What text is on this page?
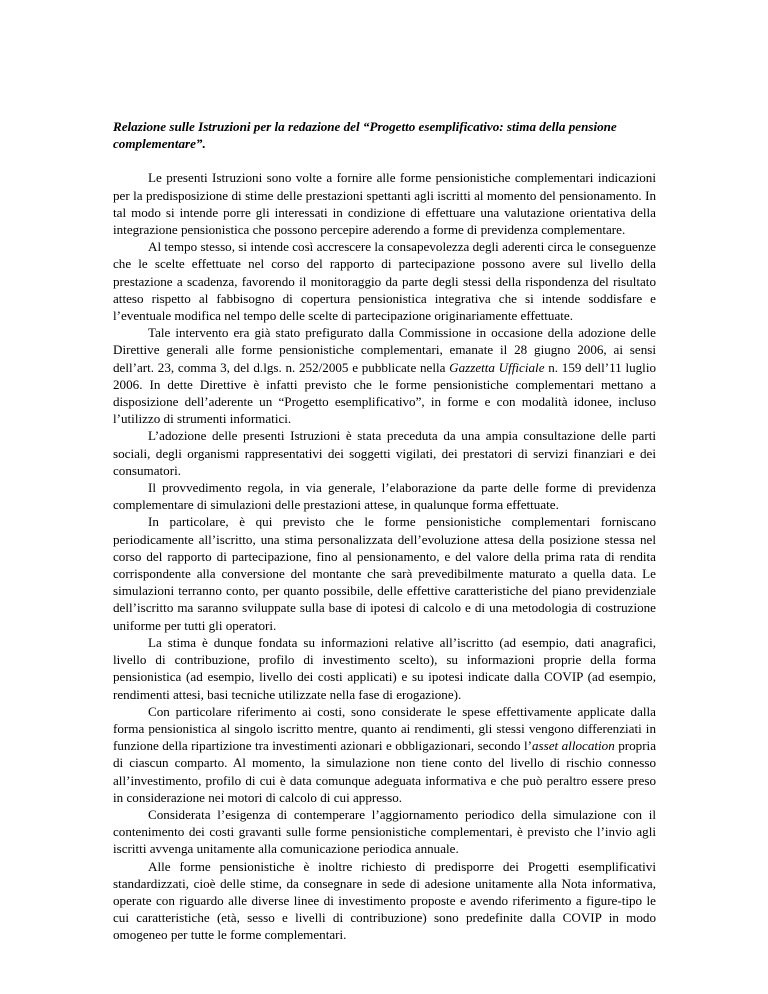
Relazione sulle Istruzioni per la redazione del “Progetto esemplificativo: stima della pensione complementare”.

Le presenti Istruzioni sono volte a fornire alle forme pensionistiche complementari indicazioni per la predisposizione di stime delle prestazioni spettanti agli iscritti al momento del pensionamento. In tal modo si intende porre gli interessati in condizione di effettuare una valutazione orientativa della integrazione pensionistica che possono percepire aderendo a forme di previdenza complementare.

Al tempo stesso, si intende così accrescere la consapevolezza degli aderenti circa le conseguenze che le scelte effettuate nel corso del rapporto di partecipazione possono avere sul livello della prestazione a scadenza, favorendo il monitoraggio da parte degli stessi della rispondenza del risultato atteso rispetto al fabbisogno di copertura pensionistica integrativa che si intende soddisfare e l’eventuale modifica nel tempo delle scelte di partecipazione originariamente effettuate.

Tale intervento era già stato prefigurato dalla Commissione in occasione della adozione delle Direttive generali alle forme pensionistiche complementari, emanate il 28 giugno 2006, ai sensi dell’art. 23, comma 3, del d.lgs. n. 252/2005 e pubblicate nella Gazzetta Ufficiale n. 159 dell’11 luglio 2006. In dette Direttive è infatti previsto che le forme pensionistiche complementari mettano a disposizione dell’aderente un “Progetto esemplificativo”, in forme e con modalità idonee, incluso l’utilizzo di strumenti informatici.

L’adozione delle presenti Istruzioni è stata preceduta da una ampia consultazione delle parti sociali, degli organismi rappresentativi dei soggetti vigilati, dei prestatori di servizi finanziari e dei consumatori.

Il provvedimento regola, in via generale, l’elaborazione da parte delle forme di previdenza complementare di simulazioni delle prestazioni attese, in qualunque forma effettuate.

In particolare, è qui previsto che le forme pensionistiche complementari forniscano periodicamente all’iscritto, una stima personalizzata dell’evoluzione attesa della posizione stessa nel corso del rapporto di partecipazione, fino al pensionamento, e del valore della prima rata di rendita corrispondente alla conversione del montante che sarà prevedibilmente maturato a quella data. Le simulazioni terranno conto, per quanto possibile, delle effettive caratteristiche del piano previdenziale dell’iscritto ma saranno sviluppate sulla base di ipotesi di calcolo e di una metodologia di costruzione uniforme per tutti gli operatori.

La stima è dunque fondata su informazioni relative all’iscritto (ad esempio, dati anagrafici, livello di contribuzione, profilo di investimento scelto), su informazioni proprie della forma pensionistica (ad esempio, livello dei costi applicati) e su ipotesi indicate dalla COVIP (ad esempio, rendimenti attesi, basi tecniche utilizzate nella fase di erogazione).

Con particolare riferimento ai costi, sono considerate le spese effettivamente applicate dalla forma pensionistica al singolo iscritto mentre, quanto ai rendimenti, gli stessi vengono differenziati in funzione della ripartizione tra investimenti azionari e obbligazionari, secondo l’asset allocation propria di ciascun comparto. Al momento, la simulazione non tiene conto del livello di rischio connesso all’investimento, profilo di cui è data comunque adeguata informativa e che può peraltro essere preso in considerazione nei motori di calcolo di cui appresso.

Considerata l’esigenza di contemperare l’aggiornamento periodico della simulazione con il contenimento dei costi gravanti sulle forme pensionistiche complementari, è previsto che l’invio agli iscritti avvenga unitamente alla comunicazione periodica annuale.

Alle forme pensionistiche è inoltre richiesto di predisporre dei Progetti esemplificativi standardizzati, cioè delle stime, da consegnare in sede di adesione unitamente alla Nota informativa, operate con riguardo alle diverse linee di investimento proposte e avendo riferimento a figure-tipo le cui caratteristiche (età, sesso e livelli di contribuzione) sono predefinite dalla COVIP in modo omogeneo per tutte le forme complementari.
